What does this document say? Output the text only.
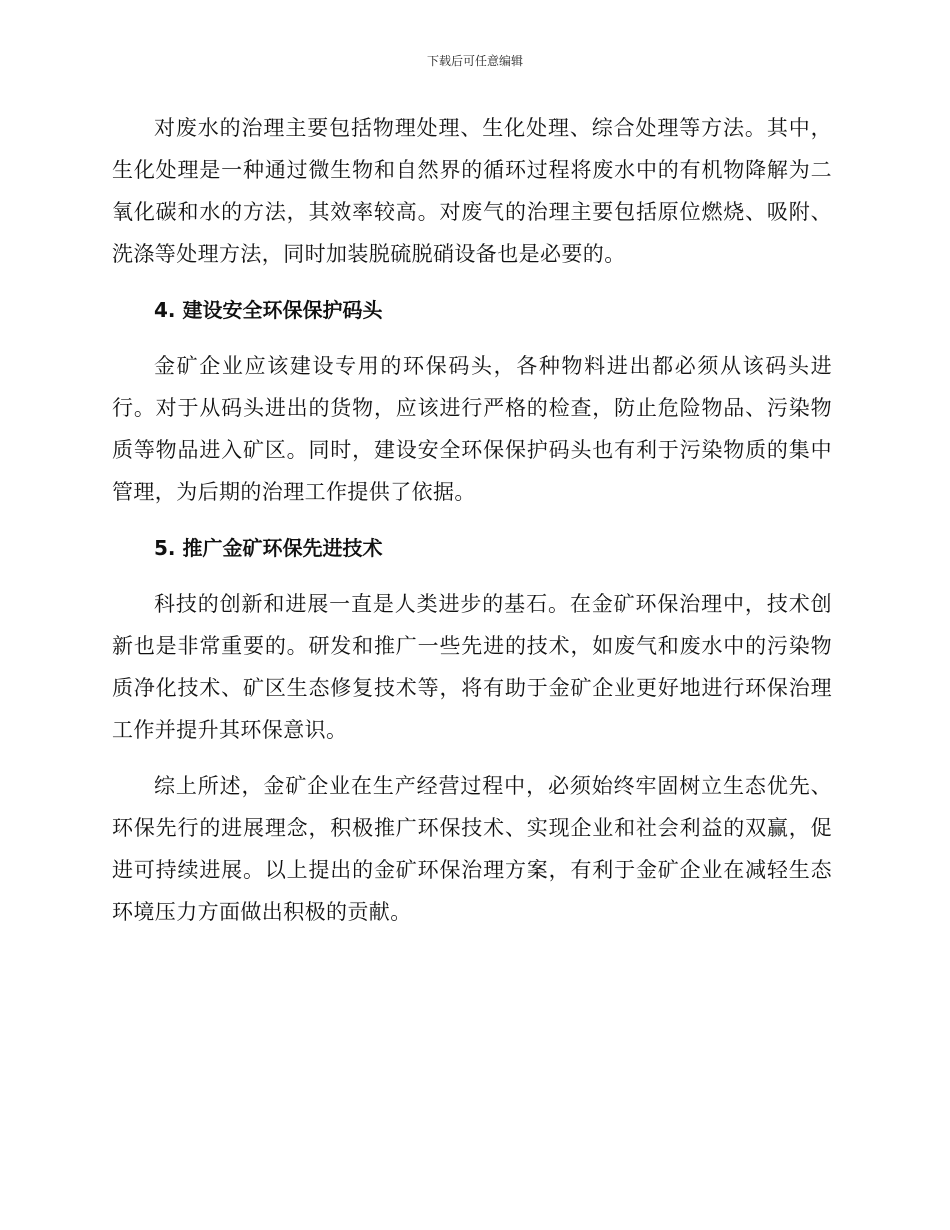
下载后可任意编辑

对废水的治理主要包括物理处理、生化处理、综合处理等方法。其中，生化处理是一种通过微生物和自然界的循环过程将废水中的有机物降解为二氧化碳和水的方法，其效率较高。对废气的治理主要包括原位燃烧、吸附、洗涤等处理方法，同时加装脱硫脱硝设备也是必要的。

4. 建设安全环保保护码头

金矿企业应该建设专用的环保码头，各种物料进出都必须从该码头进行。对于从码头进出的货物，应该进行严格的检查，防止危险物品、污染物质等物品进入矿区。同时，建设安全环保保护码头也有利于污染物质的集中管理，为后期的治理工作提供了依据。

5. 推广金矿环保先进技术

科技的创新和进展一直是人类进步的基石。在金矿环保治理中，技术创新也是非常重要的。研发和推广一些先进的技术，如废气和废水中的污染物质净化技术、矿区生态修复技术等，将有助于金矿企业更好地进行环保治理工作并提升其环保意识。

综上所述，金矿企业在生产经营过程中，必须始终牢固树立生态优先、环保先行的进展理念，积极推广环保技术、实现企业和社会利益的双赢，促进可持续进展。以上提出的金矿环保治理方案，有利于金矿企业在减轻生态环境压力方面做出积极的贡献。
